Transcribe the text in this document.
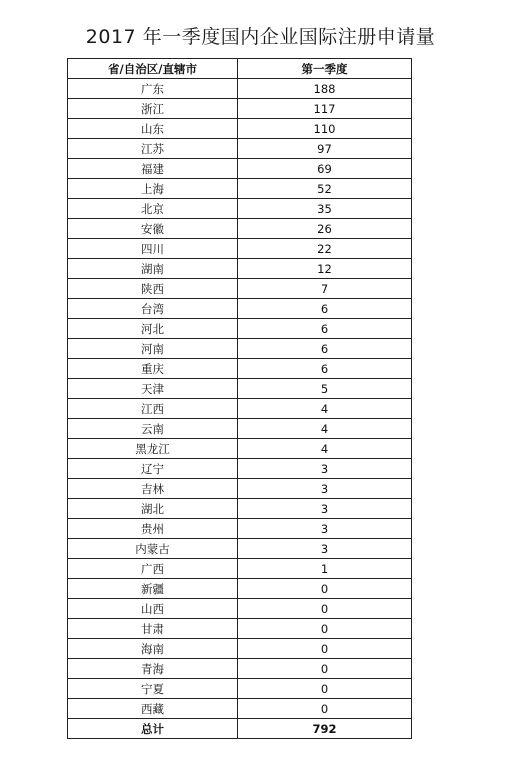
2017 年一季度国内企业国际注册申请量
省/自治区/直辖市	第一季度
广东	188
浙江	117
山东	110
江苏	97
福建	69
上海	52
北京	35
安徽	26
四川	22
湖南	12
陕西	7
台湾	6
河北	6
河南	6
重庆	6
天津	5
江西	4
云南	4
黑龙江	4
辽宁	3
吉林	3
湖北	3
贵州	3
内蒙古	3
广西	1
新疆	0
山西	0
甘肃	0
海南	0
青海	0
宁夏	0
西藏	0
总计	792
